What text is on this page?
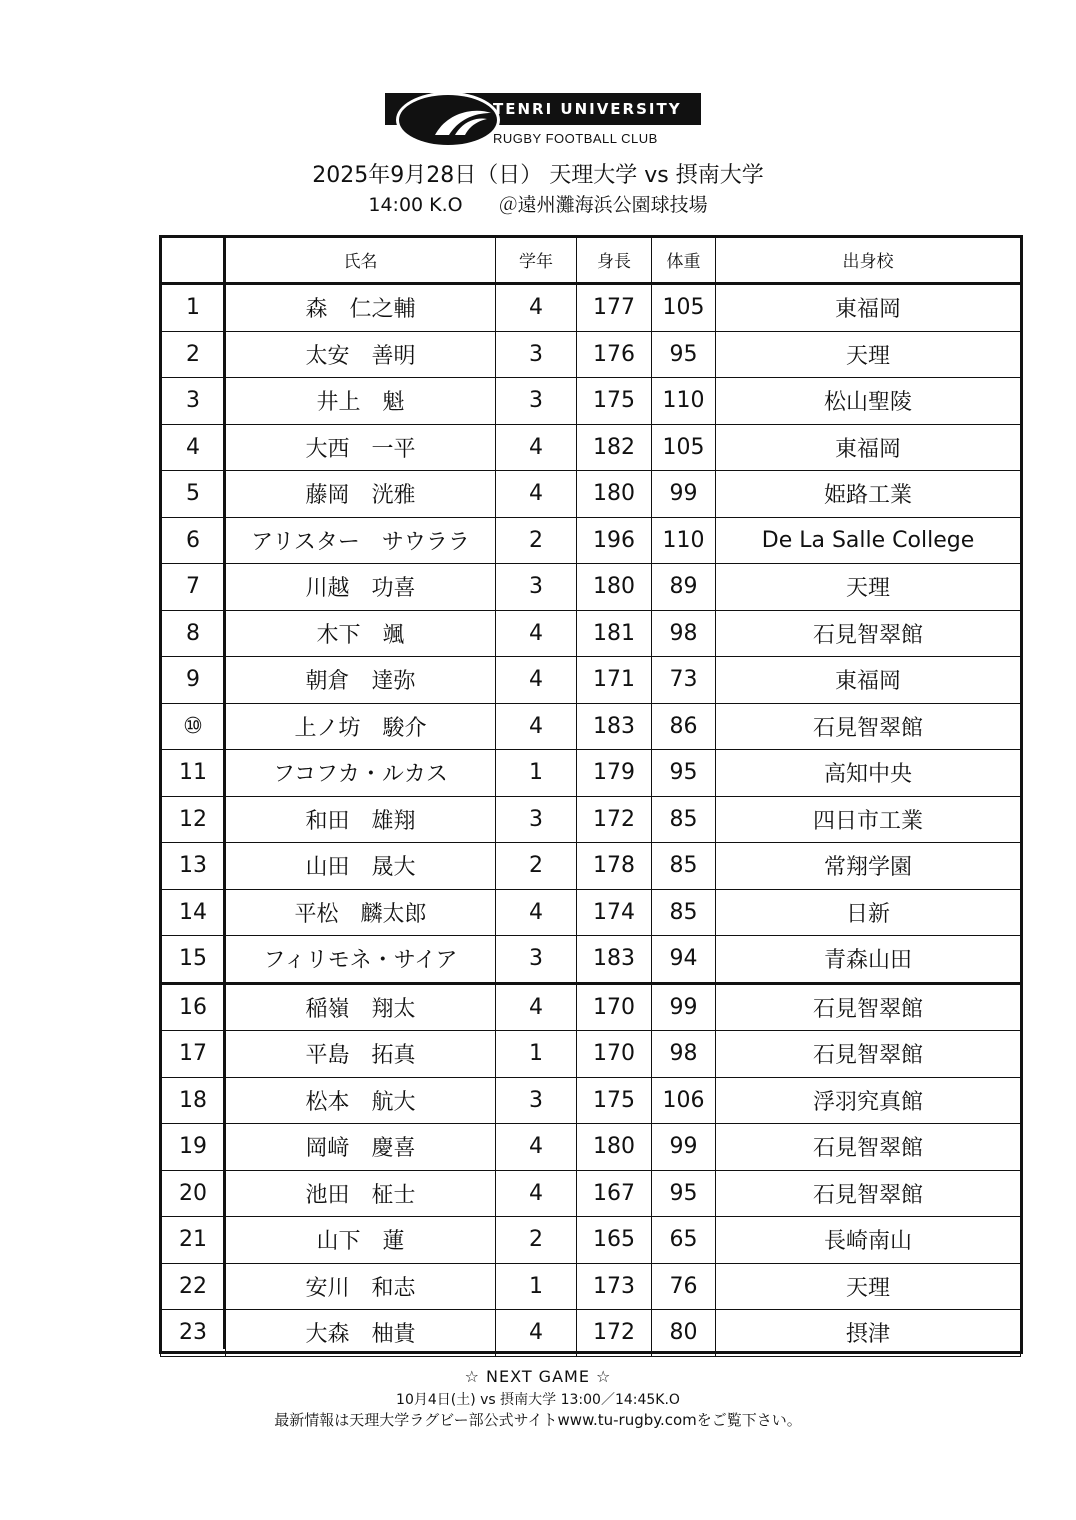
TENRI UNIVERSITY
RUGBY FOOTBALL CLUB
2025年9月28日（日） 天理大学 vs 摂南大学
14:00 K.O ＠遠州灘海浜公園球技場
	氏名	学年	身長	体重	出身校
1	森　仁之輔	4	177	105	東福岡
2	太安　善明	3	176	95	天理
3	井上　魁	3	175	110	松山聖陵
4	大西　一平	4	182	105	東福岡
5	藤岡　洸雅	4	180	99	姫路工業
6	アリスター　サウララ	2	196	110	De La Salle College
7	川越　功喜	3	180	89	天理
8	木下　颯	4	181	98	石見智翠館
9	朝倉　達弥	4	171	73	東福岡
⑩	上ノ坊　駿介	4	183	86	石見智翠館
11	フコフカ・ルカス	1	179	95	高知中央
12	和田　雄翔	3	172	85	四日市工業
13	山田　晟大	2	178	85	常翔学園
14	平松　麟太郎	4	174	85	日新
15	フィリモネ・サイア	3	183	94	青森山田
16	稲嶺　翔太	4	170	99	石見智翠館
17	平島　拓真	1	170	98	石見智翠館
18	松本　航大	3	175	106	浮羽究真館
19	岡﨑　慶喜	4	180	99	石見智翠館
20	池田　柾士	4	167	95	石見智翠館
21	山下　蓮	2	165	65	長崎南山
22	安川　和志	1	173	76	天理
23	大森　柚貴	4	172	80	摂津
☆ NEXT GAME ☆
10月4日(土) vs 摂南大学 13:00／14:45K.O
最新情報は天理大学ラグビー部公式サイトwww.tu-rugby.comをご覧下さい。
